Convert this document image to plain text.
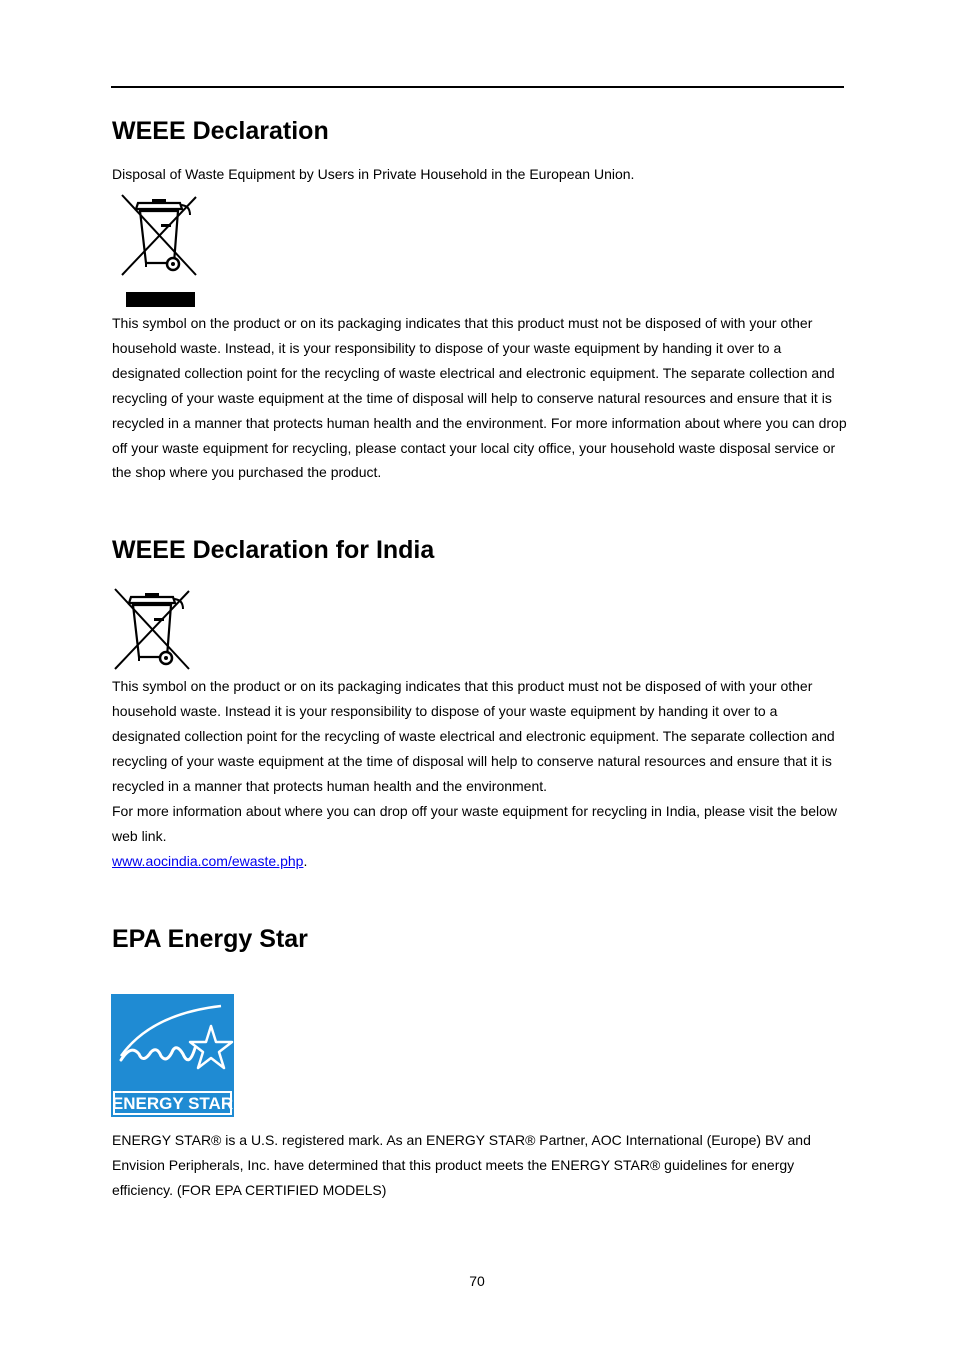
WEEE Declaration

Disposal of Waste Equipment by Users in Private Household in the European Union.

This symbol on the product or on its packaging indicates that this product must not be disposed of with your other household waste. Instead, it is your responsibility to dispose of your waste equipment by handing it over to a designated collection point for the recycling of waste electrical and electronic equipment. The separate collection and recycling of your waste equipment at the time of disposal will help to conserve natural resources and ensure that it is recycled in a manner that protects human health and the environment. For more information about where you can drop off your waste equipment for recycling, please contact your local city office, your household waste disposal service or the shop where you purchased the product.

WEEE Declaration for India

This symbol on the product or on its packaging indicates that this product must not be disposed of with your other household waste. Instead it is your responsibility to dispose of your waste equipment by handing it over to a designated collection point for the recycling of waste electrical and electronic equipment. The separate collection and recycling of your waste equipment at the time of disposal will help to conserve natural resources and ensure that it is recycled in a manner that protects human health and the environment.

For more information about where you can drop off your waste equipment for recycling in India, please visit the below web link.

www.aocindia.com/ewaste.php.

EPA Energy Star
ENERGY STAR

ENERGY STAR® is a U.S. registered mark. As an ENERGY STAR® Partner, AOC International (Europe) BV and Envision Peripherals, Inc. have determined that this product meets the ENERGY STAR® guidelines for energy efficiency. (FOR EPA CERTIFIED MODELS)

70
